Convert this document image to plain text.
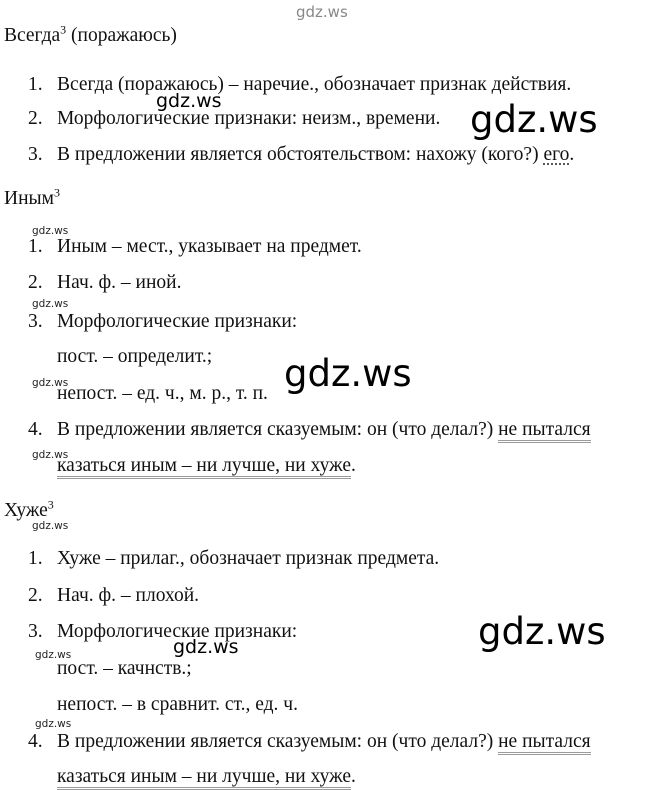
gdz.ws
Всегда$^3$ (поражаюсь)
1. Всегда (поражаюсь) – наречие., обозначает признак действия.
2. Морфологические признаки: неизм., времени.
3. В предложении является обстоятельством: нахожу (кого?) его.
Иным$^3$
1. Иным – мест., указывает на предмет.
2. Нач. ф. – иной.
3. Морфологические признаки:
пост. – определит.;
непост. – ед. ч., м. р., т. п.
4. В предложении является сказуемым: он (что делал?) не пытался
казаться иным – ни лучше, ни хуже.
Хуже$^3$
1. Хуже – прилаг., обозначает признак предмета.
2. Нач. ф. – плохой.
3. Морфологические признаки:
пост. – качнств.;
непост. – в сравнит. ст., ед. ч.
4. В предложении является сказуемым: он (что делал?) не пытался
казаться иным – ни лучше, ни хуже.
gdz.ws	gdz.ws
gdz.ws
gdz.ws
gdz.ws
gdz.ws
gdz.ws
gdz.ws
gdz.ws
gdz.ws
gdz.ws
gdz.ws
